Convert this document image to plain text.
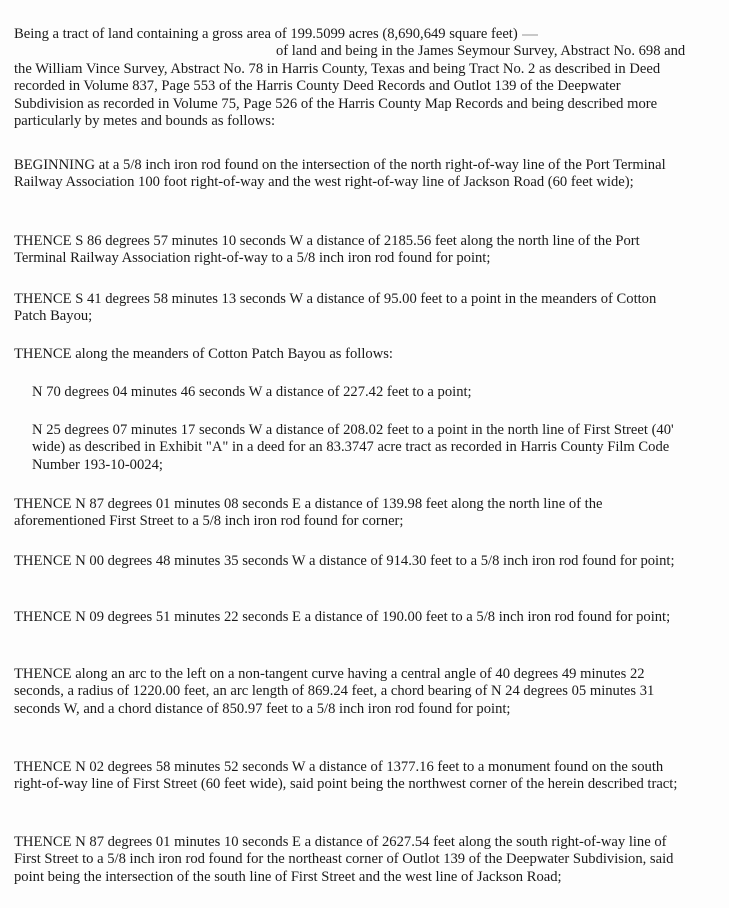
Being a tract of land containing a gross area of 199.5099 acres (8,690,649 square feet)
of land and being in the James Seymour Survey, Abstract No. 698 and the William Vince Survey, Abstract No. 78 in Harris County, Texas and being Tract No. 2 as described in Deed recorded in Volume 837, Page 553 of the Harris County Deed Records and Outlot 139 of the Deepwater Subdivision as recorded in Volume 75, Page 526 of the Harris County Map Records and being described more particularly by metes and bounds as follows:

BEGINNING at a 5/8 inch iron rod found on the intersection of the north right-of-way line of the Port Terminal Railway Association 100 foot right-of-way and the west right-of-way line of Jackson Road (60 feet wide);

THENCE S 86 degrees 57 minutes 10 seconds W a distance of 2185.56 feet along the north line of the Port Terminal Railway Association right-of-way to a 5/8 inch iron rod found for point;

THENCE S 41 degrees 58 minutes 13 seconds W a distance of 95.00 feet to a point in the meanders of Cotton Patch Bayou;

THENCE along the meanders of Cotton Patch Bayou as follows:

N 70 degrees 04 minutes 46 seconds W a distance of 227.42 feet to a point;

N 25 degrees 07 minutes 17 seconds W a distance of 208.02 feet to a point in the north line of First Street (40' wide) as described in Exhibit "A" in a deed for an 83.3747 acre tract as recorded in Harris County Film Code Number 193-10-0024;

THENCE N 87 degrees 01 minutes 08 seconds E a distance of 139.98 feet along the north line of the aforementioned First Street to a 5/8 inch iron rod found for corner;

THENCE N 00 degrees 48 minutes 35 seconds W a distance of 914.30 feet to a 5/8 inch iron rod found for point;

THENCE N 09 degrees 51 minutes 22 seconds E a distance of 190.00 feet to a 5/8 inch iron rod found for point;

THENCE along an arc to the left on a non-tangent curve having a central angle of 40 degrees 49 minutes 22 seconds, a radius of 1220.00 feet, an arc length of 869.24 feet, a chord bearing of N 24 degrees 05 minutes 31 seconds W, and a chord distance of 850.97 feet to a 5/8 inch iron rod found for point;

THENCE N 02 degrees 58 minutes 52 seconds W a distance of 1377.16 feet to a monument found on the south right-of-way line of First Street (60 feet wide), said point being the northwest corner of the herein described tract;

THENCE N 87 degrees 01 minutes 10 seconds E a distance of 2627.54 feet along the south right-of-way line of First Street to a 5/8 inch iron rod found for the northeast corner of Outlot 139 of the Deepwater Subdivision, said point being the intersection of the south line of First Street and the west line of Jackson Road;
